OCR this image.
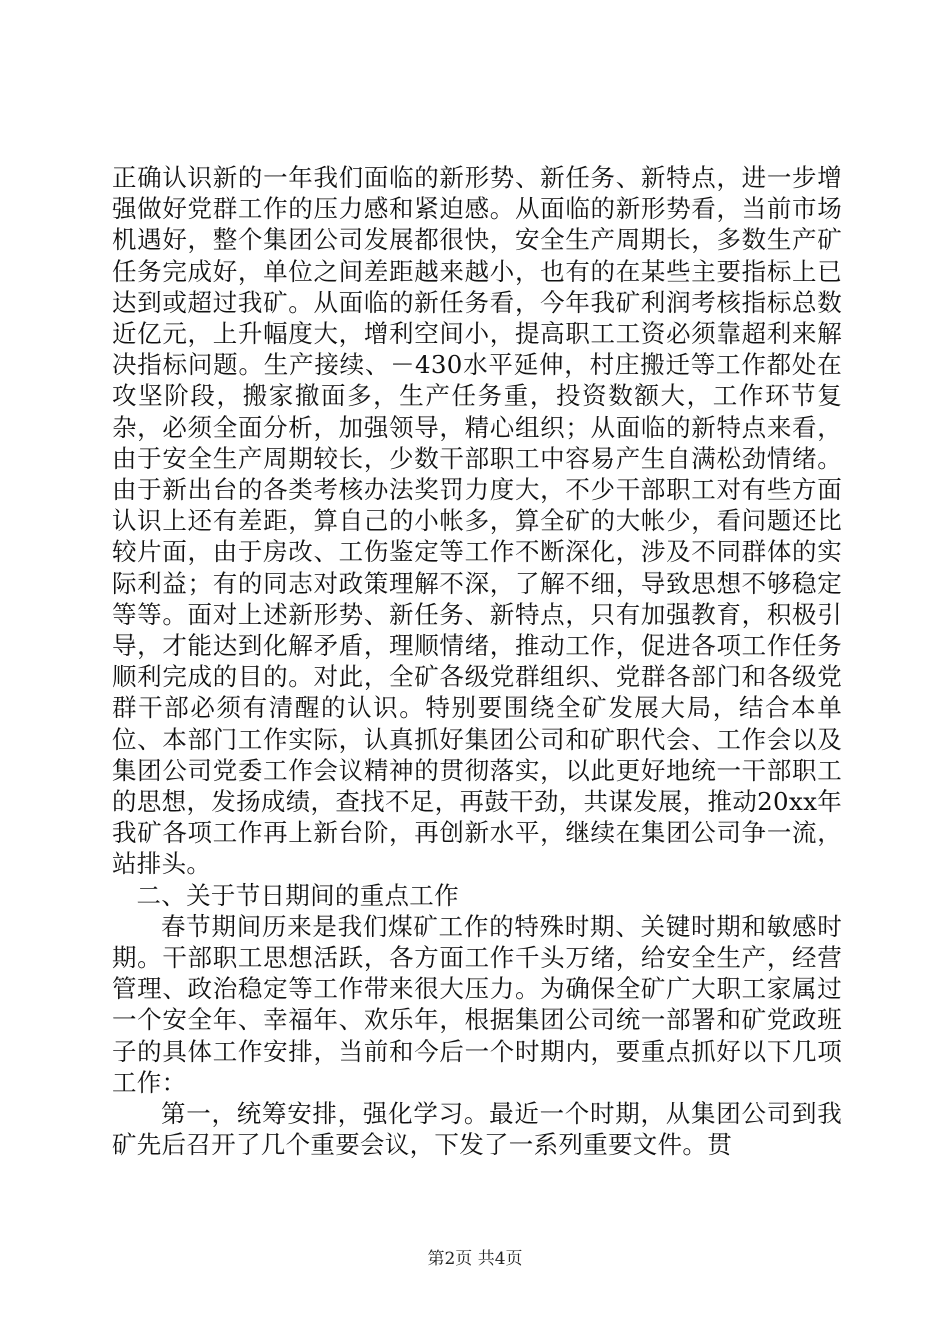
正确认识新的一年我们面临的新形势、新任务、新特点，进一步增强做好党群工作的压力感和紧迫感。从面临的新形势看，当前市场机遇好，整个集团公司发展都很快，安全生产周期长，多数生产矿任务完成好，单位之间差距越来越小，也有的在某些主要指标上已达到或超过我矿。从面临的新任务看，今年我矿利润考核指标总数近亿元，上升幅度大，增利空间小，提高职工工资必须靠超利来解决指标问题。生产接续、－430水平延伸，村庄搬迁等工作都处在攻坚阶段，搬家撤面多，生产任务重，投资数额大，工作环节复杂，必须全面分析，加强领导，精心组织；从面临的新特点来看，由于安全生产周期较长，少数干部职工中容易产生自满松劲情绪。由于新出台的各类考核办法奖罚力度大，不少干部职工对有些方面认识上还有差距，算自己的小帐多，算全矿的大帐少，看问题还比较片面，由于房改、工伤鉴定等工作不断深化，涉及不同群体的实际利益；有的同志对政策理解不深，了解不细，导致思想不够稳定等等。面对上述新形势、新任务、新特点，只有加强教育，积极引导，才能达到化解矛盾，理顺情绪，推动工作，促进各项工作任务顺利完成的目的。对此，全矿各级党群组织、党群各部门和各级党群干部必须有清醒的认识。特别要围绕全矿发展大局，结合本单位、本部门工作实际，认真抓好集团公司和矿职代会、工作会以及集团公司党委工作会议精神的贯彻落实，以此更好地统一干部职工的思想，发扬成绩，查找不足，再鼓干劲，共谋发展，推动20xx年我矿各项工作再上新台阶，再创新水平，继续在集团公司争一流，站排头。

二、关于节日期间的重点工作

春节期间历来是我们煤矿工作的特殊时期、关键时期和敏感时期。干部职工思想活跃，各方面工作千头万绪，给安全生产，经营管理、政治稳定等工作带来很大压力。为确保全矿广大职工家属过一个安全年、幸福年、欢乐年，根据集团公司统一部署和矿党政班子的具体工作安排，当前和今后一个时期内，要重点抓好以下几项工作：

第一，统筹安排，强化学习。最近一个时期，从集团公司到我矿先后召开了几个重要会议，下发了一系列重要文件。贯

第2页 共4页
